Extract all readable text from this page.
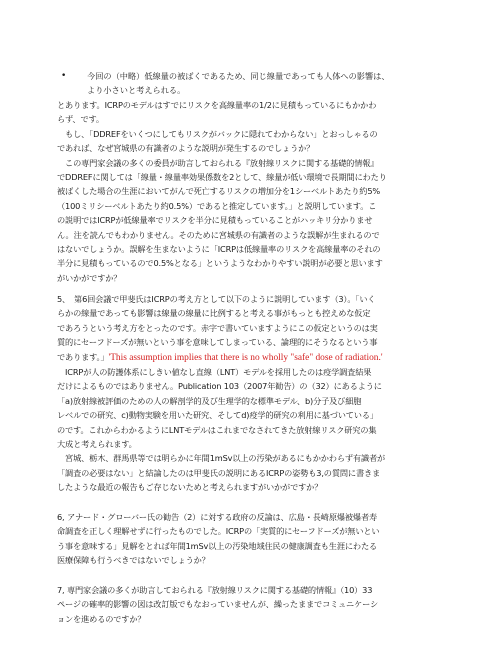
•	今回の（中略）低線量の被ばくであるため、同じ線量であっても人体への影響は、

より小さいと考えられる。

とあります。ICRPのモデルはすでにリスクを高線量率の1/2に見積もっているにもかかわ

らず、です。

　もし、「DDREFをいくつにしてもリスクがバックに隠れてわからない」とおっしゃるの

であれば、なぜ宮城県の有識者のような説明が発生するのでしょうか？

　この専門家会議の多くの委員が助言しておられる『放射線リスクに関する基礎的情報』

でDDREFに関しては「線量・線量率効果係数を2として、線量が低い環境で長期間にわたり

被ばくした場合の生涯においてがんで死亡するリスクの増加分を1シーベルトあたり約5%

（100ミリシーベルトあたり約0.5%）であると推定しています。」と説明しています。こ

の説明ではICRPが低線量率でリスクを半分に見積もっていることがハッキリ分かりませ

ん。注を読んでもわかりません。そのために宮城県の有識者のような誤解が生まれるので

はないでしょうか。誤解を生まないように「ICRPは低線量率のリスクを高線量率のそれの

半分に見積もっているので0.5%となる」というようなわかりやすい説明が必要と思います

がいかがですか？

5、　第6回会議で甲斐氏はICRPの考え方として以下のように説明しています（3）。「いく

らかの線量であっても影響は線量の線量に比例すると考える事がもっとも控えめな仮定

であろうという考え方をとったのです。赤字で書いていますようにこの仮定というのは実

質的にセーフドーズが無いという事を意味してしまっている、論理的にそうなるという事

であります。」'This assumption implies that there is no wholly "safe" dose of radiation.'

　ICRPが人の防護体系にしきい値なし直線（LNT）モデルを採用したのは疫学調査結果

だけによるものではありません。Publication 103（2007年勧告）の（32）にあるように

「a)放射線被評価のための人の解剖学的及び生理学的な標準モデル、b)分子及び細胞

レベルでの研究、c)動物実験を用いた研究、そしてd)疫学的研究の利用に基づいている」

のです。これからわかるようにLNTモデルはこれまでなされてきた放射線リスク研究の集

大成と考えられます。

　宮城、栃木、群馬県等では明らかに年間1mSv以上の汚染があるにもかかわらず有識者が

「調査の必要はない」と結論したのは甲斐氏の説明にあるICRPの姿勢も3,の質問に書きま

したような最近の報告もご存じないためと考えられますがいかがですか？

6, アナード・グローバー氏の勧告（2）に対する政府の反論は、広島・長崎原爆被爆者寿

命調査を正しく理解せずに行ったものでした。ICRPの「実質的にセーフドーズが無いとい

う事を意味する」見解をとれば年間1mSv以上の汚染地域住民の健康調査も生涯にわたる

医療保障も行うべきではないでしょうか？

7, 専門家会議の多くが助言しておられる『放射線リスクに関する基礎的情報』（10）33

ページの確率的影響の図は改訂版でもなおっていませんが、繰ったままでコミュニケーシ

ョンを進めるのですか？
